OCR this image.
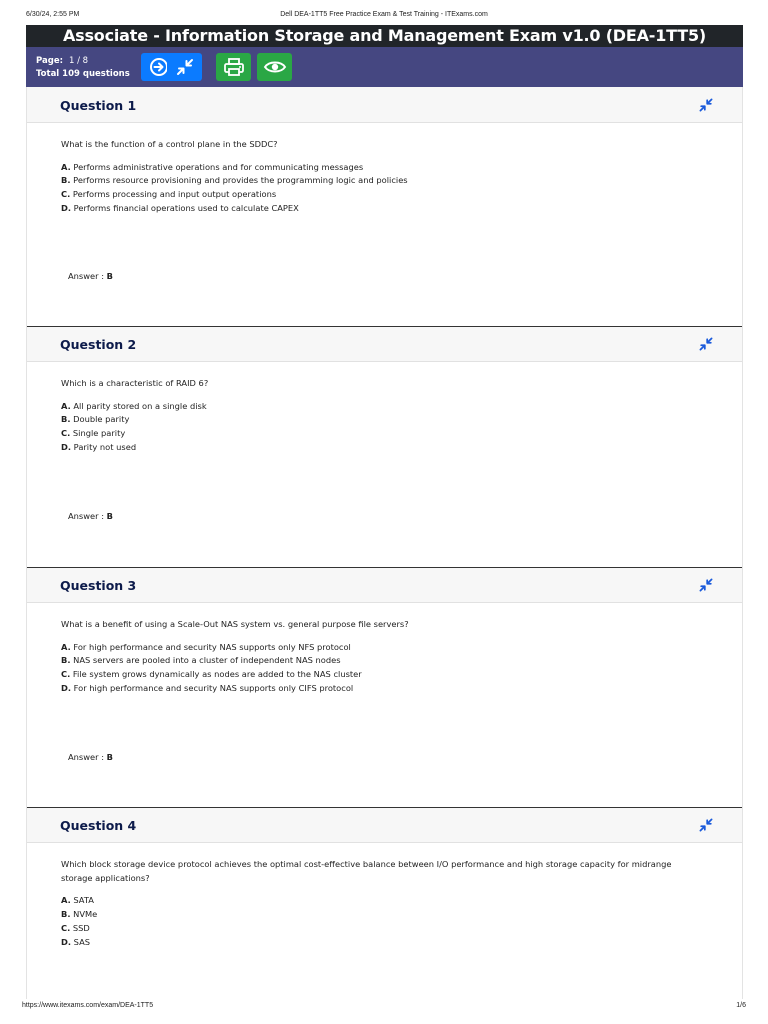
6/30/24, 2:55 PM	Dell DEA-1TT5 Free Practice Exam & Test Training - ITExams.com
Associate - Information Storage and Management Exam v1.0 (DEA-1TT5)
Page: 1 / 8
Total 109 questions
Question 1
What is the function of a control plane in the SDDC?
A. Performs administrative operations and for communicating messages
B. Performs resource provisioning and provides the programming logic and policies
C. Performs processing and input output operations
D. Performs financial operations used to calculate CAPEX
Answer : B
Question 2
Which is a characteristic of RAID 6?
A. All parity stored on a single disk
B. Double parity
C. Single parity
D. Parity not used
Answer : B
Question 3
What is a benefit of using a Scale-Out NAS system vs. general purpose file servers?
A. For high performance and security NAS supports only NFS protocol
B. NAS servers are pooled into a cluster of independent NAS nodes
C. File system grows dynamically as nodes are added to the NAS cluster
D. For high performance and security NAS supports only CIFS protocol
Answer : B
Question 4
Which block storage device protocol achieves the optimal cost-effective balance between I/O performance and high storage capacity for midrange storage applications?
A. SATA
B. NVMe
C. SSD
D. SAS
https://www.itexams.com/exam/DEA-1TT5	1/6
